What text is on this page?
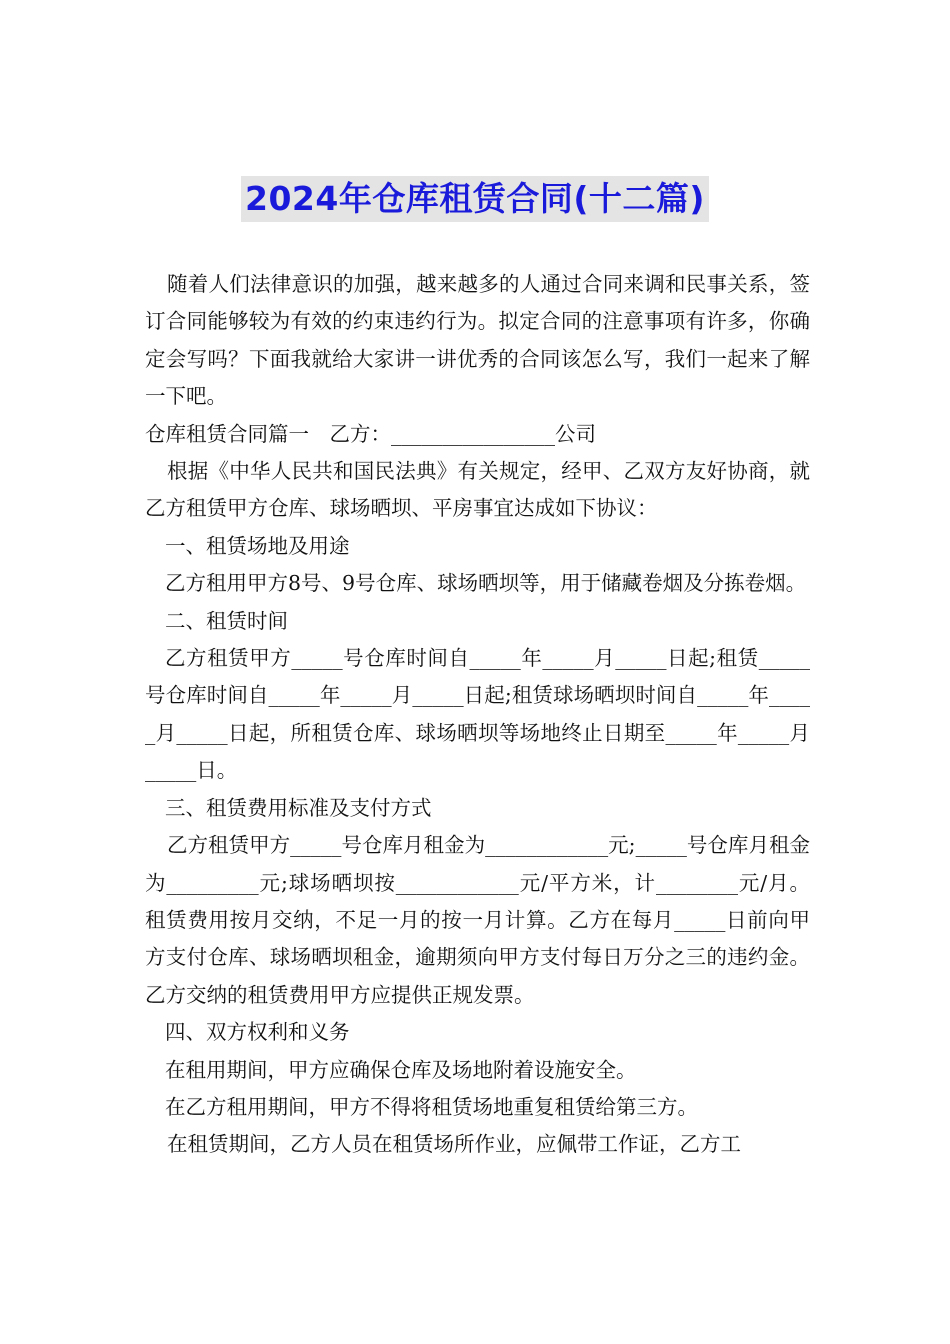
2024年仓库租赁合同(十二篇)

随着人们法律意识的加强，越来越多的人通过合同来调和民事关系，签订合同能够较为有效的约束违约行为。拟定合同的注意事项有许多，你确定会写吗？下面我就给大家讲一讲优秀的合同该怎么写，我们一起来了解一下吧。

仓库租赁合同篇一　乙方：________________公司

根据《中华人民共和国民法典》有关规定，经甲、乙双方友好协商，就乙方租赁甲方仓库、球场晒坝、平房事宜达成如下协议：

一、租赁场地及用途

乙方租用甲方8号、9号仓库、球场晒坝等，用于储藏卷烟及分拣卷烟。

二、租赁时间

乙方租赁甲方_____号仓库时间自_____年_____月_____日起;租赁_____号仓库时间自_____年_____月_____日起;租赁球场晒坝时间自_____年_____月_____日起，所租赁仓库、球场晒坝等场地终止日期至_____年_____月_____日。

三、租赁费用标准及支付方式

乙方租赁甲方_____号仓库月租金为____________元;_____号仓库月租金为_________元;球场晒坝按____________元/平方米，计________元/月。租赁费用按月交纳，不足一月的按一月计算。乙方在每月_____日前向甲方支付仓库、球场晒坝租金，逾期须向甲方支付每日万分之三的违约金。乙方交纳的租赁费用甲方应提供正规发票。

四、双方权利和义务

在租用期间，甲方应确保仓库及场地附着设施安全。

在乙方租用期间，甲方不得将租赁场地重复租赁给第三方。

在租赁期间，乙方人员在租赁场所作业，应佩带工作证，乙方工
